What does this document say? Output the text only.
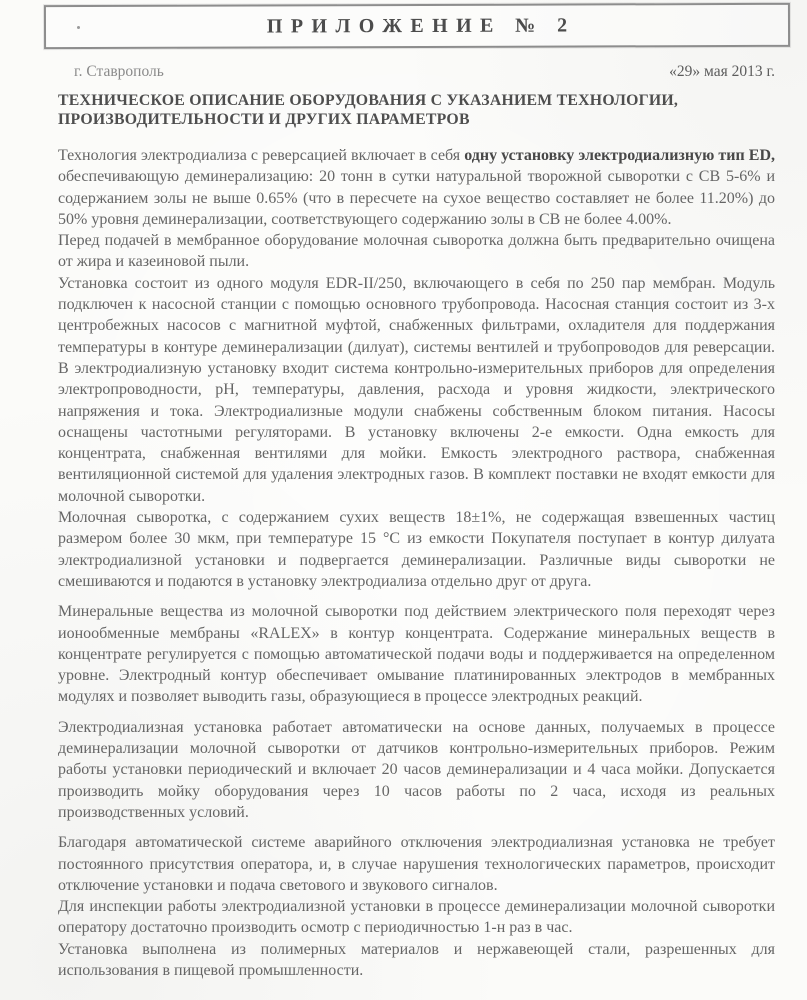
ПРИЛОЖЕНИЕ № 2
г. Ставрополь	«29» мая 2013 г.
ТЕХНИЧЕСКОЕ ОПИСАНИЕ ОБОРУДОВАНИЯ С УКАЗАНИЕМ ТЕХНОЛОГИИ, ПРОИЗВОДИТЕЛЬНОСТИ И ДРУГИХ ПАРАМЕТРОВ

Технология электродиализа с реверсацией включает в себя одну установку электродиализную тип ED, обеспечивающую деминерализацию: 20 тонн в сутки натуральной творожной сыворотки с СВ 5-6% и содержанием золы не выше 0.65% (что в пересчете на сухое вещество составляет не более 11.20%) до 50% уровня деминерализации, соответствующего содержанию золы в СВ не более 4.00%.

Перед подачей в мембранное оборудование молочная сыворотка должна быть предварительно очищена от жира и казеиновой пыли.

Установка состоит из одного модуля EDR-II/250, включающего в себя по 250 пар мембран. Модуль подключен к насосной станции с помощью основного трубопровода. Насосная станция состоит из 3-х центробежных насосов с магнитной муфтой, снабженных фильтрами, охладителя для поддержания температуры в контуре деминерализации (дилуат), системы вентилей и трубопроводов для реверсации. В электродиализную установку входит система контрольно-измерительных приборов для определения электропроводности, pH, температуры, давления, расхода и уровня жидкости, электрического напряжения и тока. Электродиализные модули снабжены собственным блоком питания. Насосы оснащены частотными регуляторами. В установку включены 2-е емкости. Одна емкость для концентрата, снабженная вентилями для мойки. Емкость электродного раствора, снабженная вентиляционной системой для удаления электродных газов. В комплект поставки не входят емкости для молочной сыворотки.

Молочная сыворотка, с содержанием сухих веществ 18±1%, не содержащая взвешенных частиц размером более 30 мкм, при температуре 15 °С из емкости Покупателя поступает в контур дилуата электродиализной установки и подвергается деминерализации. Различные виды сыворотки не смешиваются и подаются в установку электродиализа отдельно друг от друга.

Минеральные вещества из молочной сыворотки под действием электрического поля переходят через ионообменные мембраны «RALEX» в контур концентрата. Содержание минеральных веществ в концентрате регулируется с помощью автоматической подачи воды и поддерживается на определенном уровне. Электродный контур обеспечивает омывание платинированных электродов в мембранных модулях и позволяет выводить газы, образующиеся в процессе электродных реакций.

Электродиализная установка работает автоматически на основе данных, получаемых в процессе деминерализации молочной сыворотки от датчиков контрольно-измерительных приборов. Режим работы установки периодический и включает 20 часов деминерализации и 4 часа мойки. Допускается производить мойку оборудования через 10 часов работы по 2 часа, исходя из реальных производственных условий.

Благодаря автоматической системе аварийного отключения электродиализная установка не требует постоянного присутствия оператора, и, в случае нарушения технологических параметров, происходит отключение установки и подача светового и звукового сигналов.

Для инспекции работы электродиализной установки в процессе деминерализации молочной сыворотки оператору достаточно производить осмотр с периодичностью 1-н раз в час.

Установка выполнена из полимерных материалов и нержавеющей стали, разрешенных для использования в пищевой промышленности.
